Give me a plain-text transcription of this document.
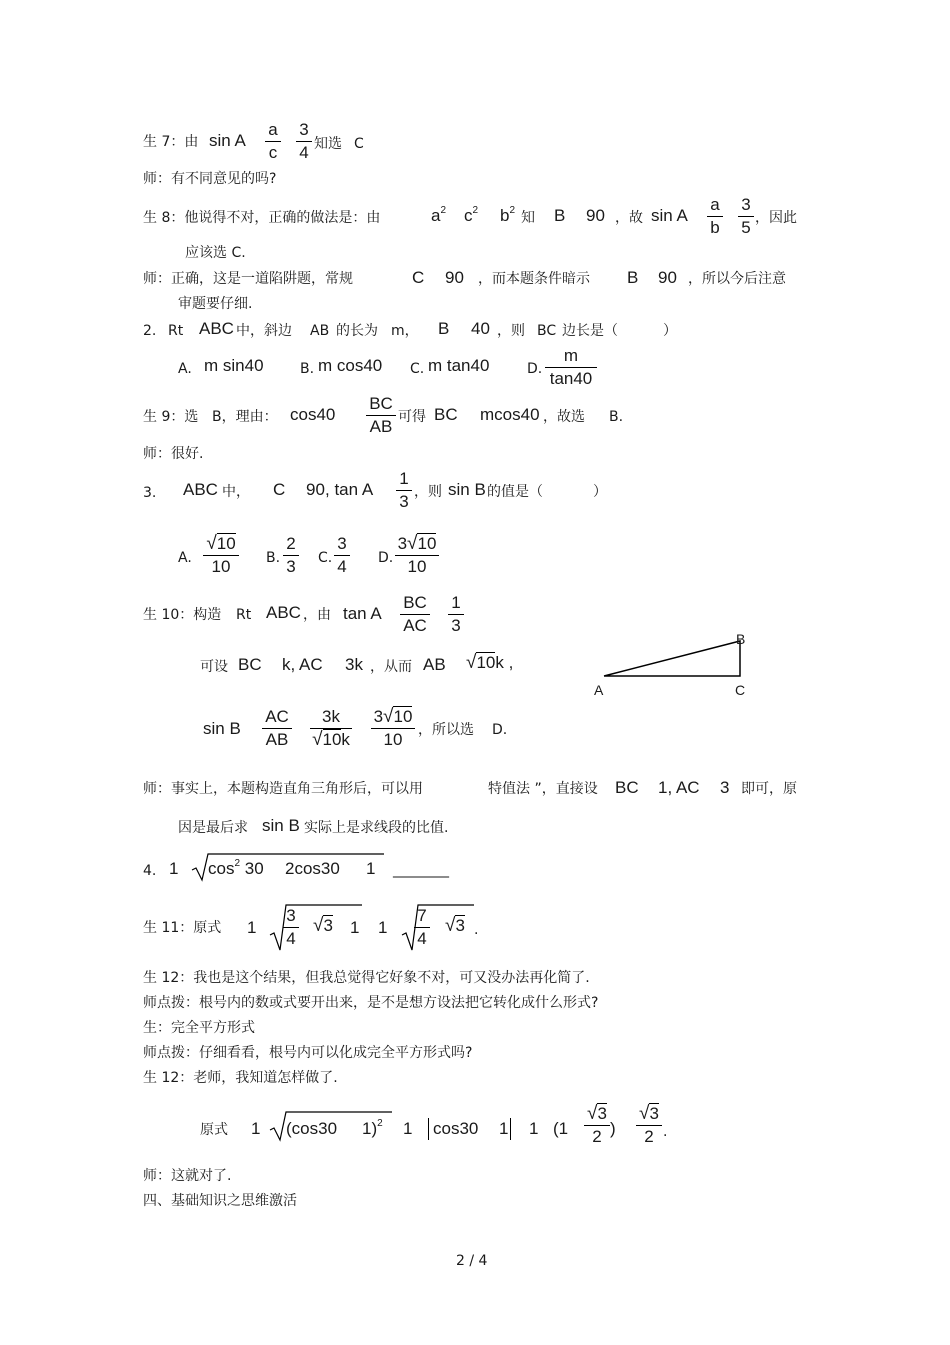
生 7：由 sin A
a
c
3
4 知选 C
师：有不同意见的吗?
生 8：他说得不对，正确的做法是：由	$a^2$ $c^2$ $b^2$ 知 B 90 ，故 sin A
a
b
3
5 ，因此
应该选 C.
师：正确，这是一道陷阱题，常规	C 90 ，而本题条件暗示 B 90 ，所以今后注意
审题要仔细.
2. Rt ABC 中，斜边 AB 的长为 m， B 40 ，则 BC 边长是（	）
A. m sin40	B. m cos40 C. m tan40	D.
m
tan40
生 9：选 B，理由： cos40
BC
AB 可得 BC mcos40 ，故选 B.
师：很好.
3. ABC 中， C 90 , tan A
1
3 ，则 sin B 的值是（	）
A.
√10
10	B.
2
3 C.
3
4 D.
3√10
10
生 10：构造 Rt ABC ，由 tan A
BC
AC
1
3
可设 BC k, AC 3k ，从而 AB √10k ,
B
A	C
sin B
AC
AB
3k
√10k
3√10
10	，所以选 D.
师：事实上，本题构造直角三角形后，可以用	特值法 ”，直接设 BC 1, AC 3 即可，原
因是最后求 sin B 实际上是求线段的比值.
4. 1 $\cos^2 30$ 2cos30 1 ________
生 11：原式 1
3
4
√3 1 1
7
4
√3 .
生 12：我也是这个结果，但我总觉得它好象不对，可又没办法再化简了.
师点拨：根号内的数或式要开出来，是不是想方设法把它转化成什么形式?
生：完全平方形式
师点拨：仔细看看，根号内可以化成完全平方形式吗?
生 12：老师，我知道怎样做了.
原式 1 (cos30 1)$^2$ 1 cos30 1 1 (1
√3
2 )
√3
2 .
师：这就对了.
四、基础知识之思维激活
2 / 4
